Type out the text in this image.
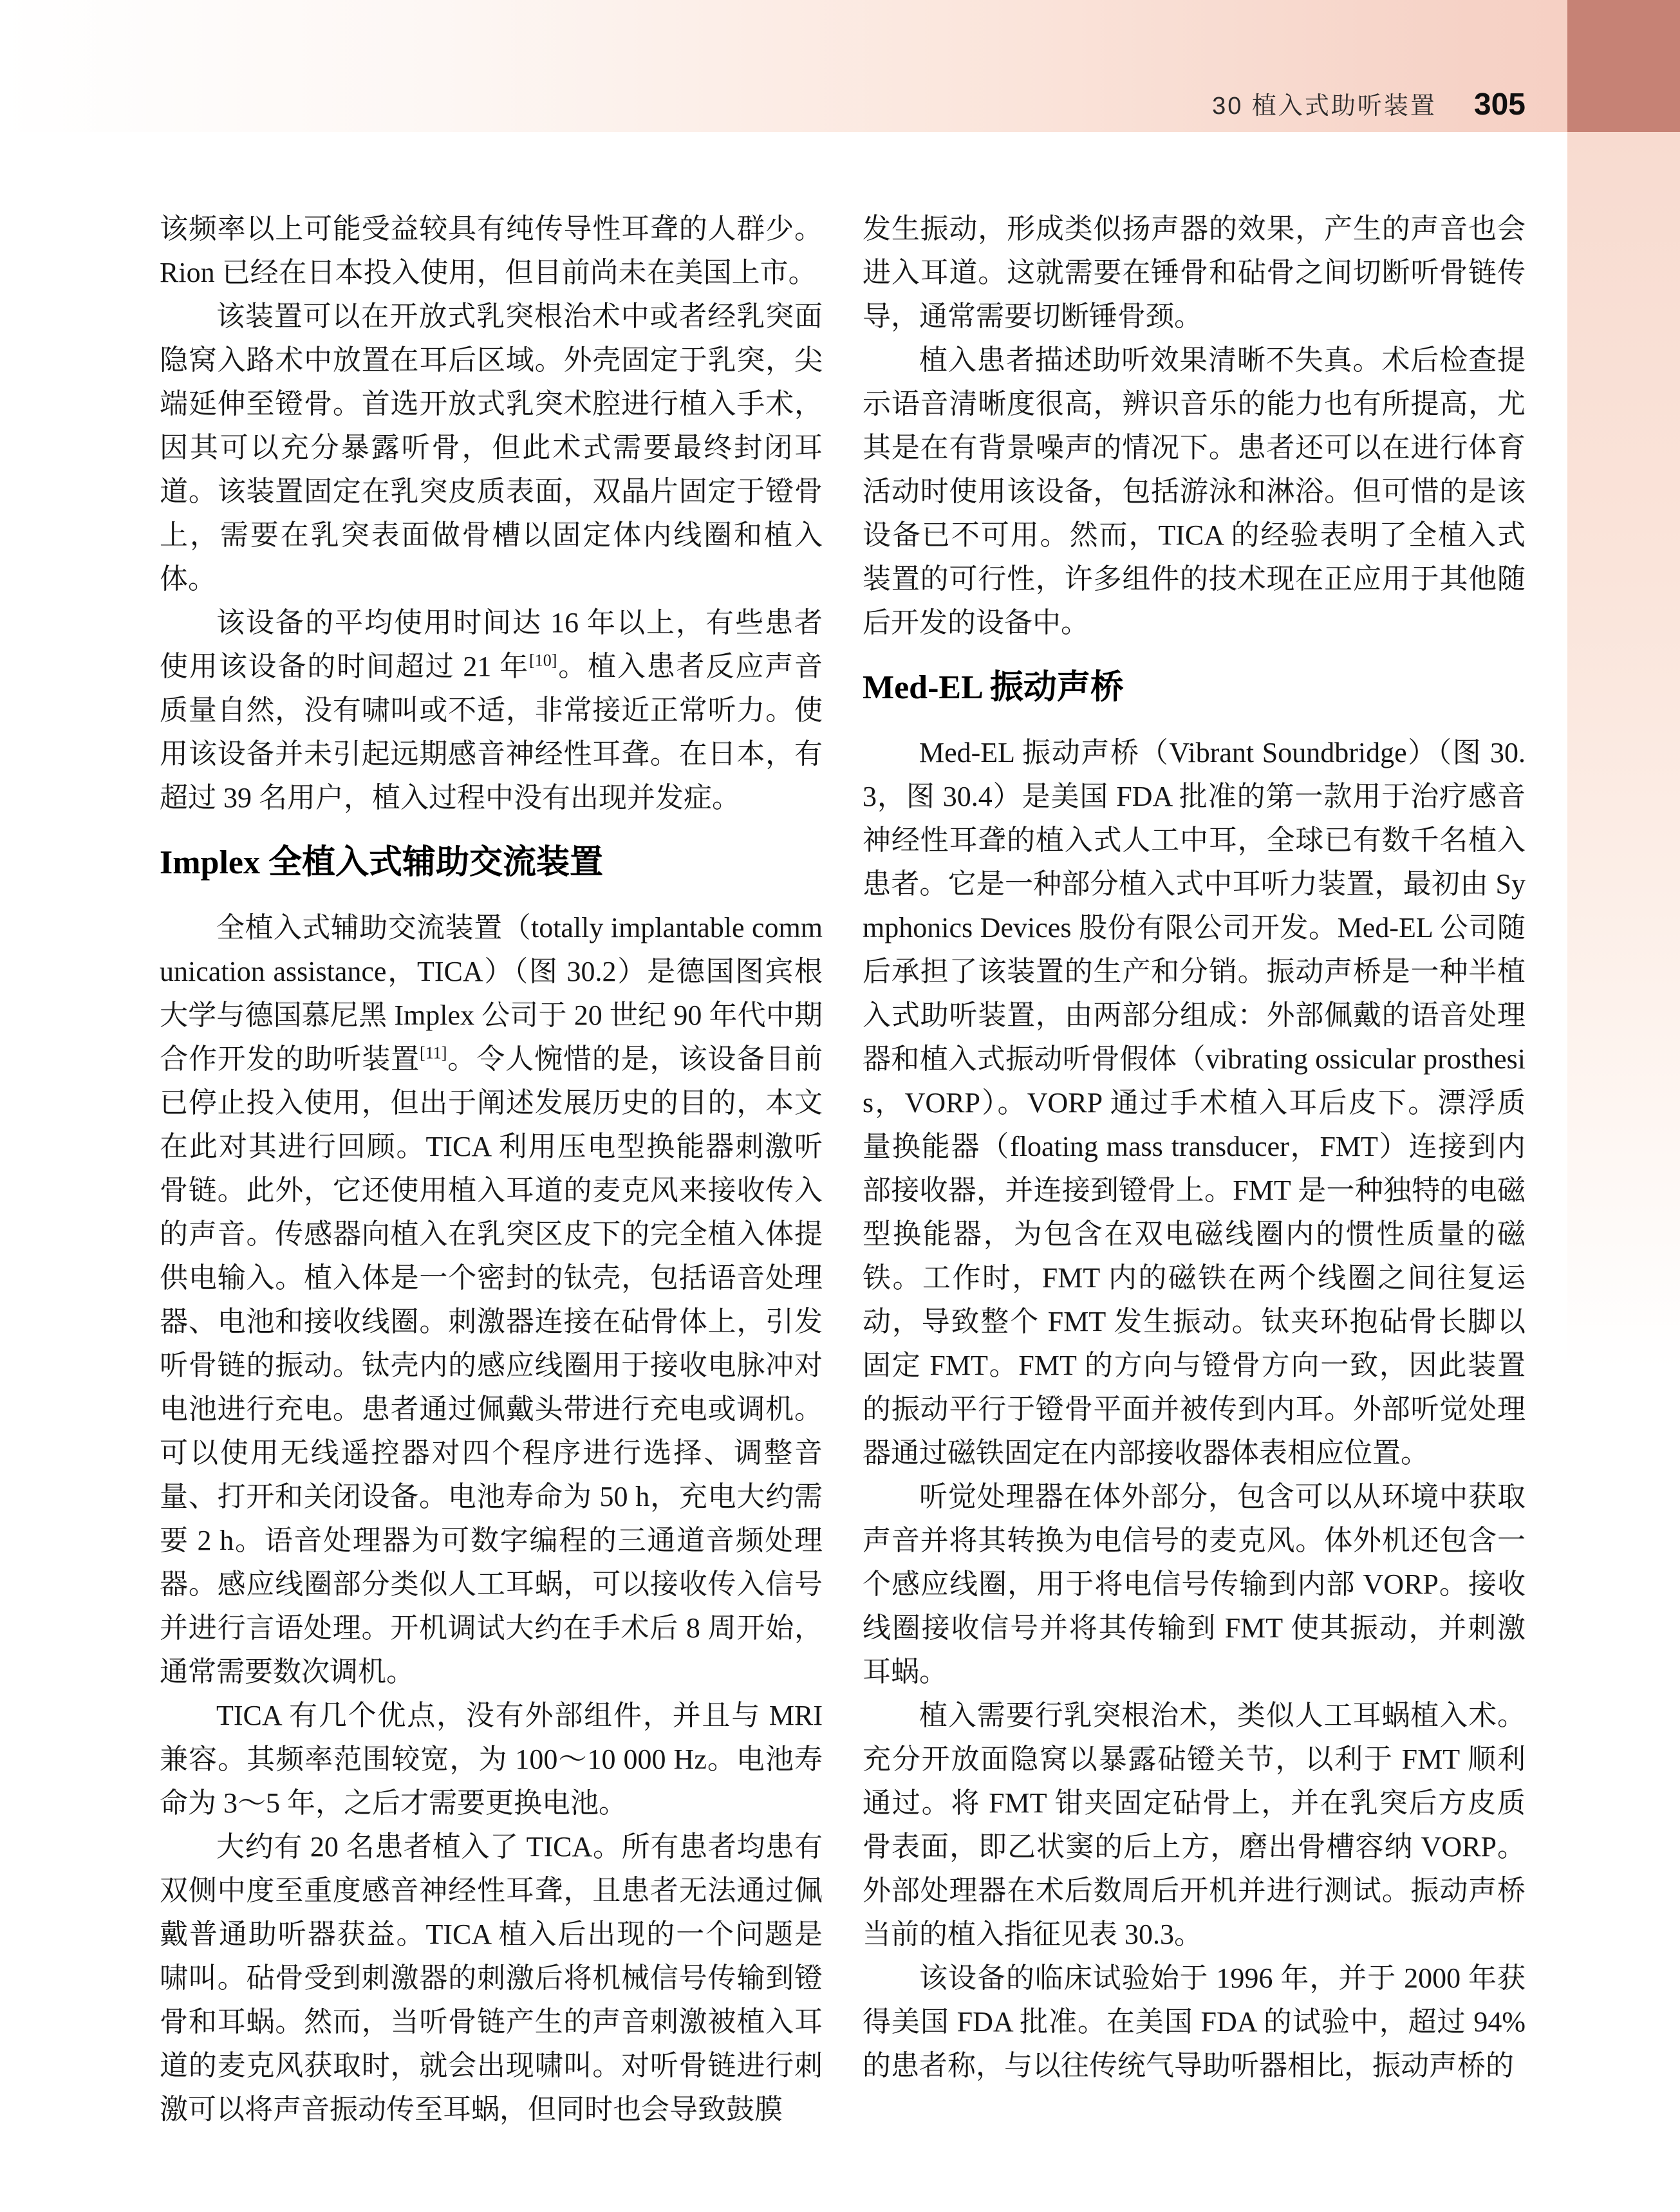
30 植入式助听装置 305

该频率以上可能受益较具有纯传导性耳聋的人群少。Rion 已经在日本投入使用，但目前尚未在美国上市。

该装置可以在开放式乳突根治术中或者经乳突面隐窝入路术中放置在耳后区域。外壳固定于乳突，尖端延伸至镫骨。首选开放式乳突术腔进行植入手术，因其可以充分暴露听骨，但此术式需要最终封闭耳道。该装置固定在乳突皮质表面，双晶片固定于镫骨上，需要在乳突表面做骨槽以固定体内线圈和植入体。

该设备的平均使用时间达 16 年以上，有些患者使用该设备的时间超过 21 年[10]。植入患者反应声音质量自然，没有啸叫或不适，非常接近正常听力。使用该设备并未引起远期感音神经性耳聋。在日本，有超过 39 名用户，植入过程中没有出现并发症。

Implex 全植入式辅助交流装置

全植入式辅助交流装置（totally implantable communication assistance，TICA）（图 30.2）是德国图宾根大学与德国慕尼黑 Implex 公司于 20 世纪 90 年代中期合作开发的助听装置[11]。令人惋惜的是，该设备目前已停止投入使用，但出于阐述发展历史的目的，本文在此对其进行回顾。TICA 利用压电型换能器刺激听骨链。此外，它还使用植入耳道的麦克风来接收传入的声音。传感器向植入在乳突区皮下的完全植入体提供电输入。植入体是一个密封的钛壳，包括语音处理器、电池和接收线圈。刺激器连接在砧骨体上，引发听骨链的振动。钛壳内的感应线圈用于接收电脉冲对电池进行充电。患者通过佩戴头带进行充电或调机。可以使用无线遥控器对四个程序进行选择、调整音量、打开和关闭设备。电池寿命为 50 h，充电大约需要 2 h。语音处理器为可数字编程的三通道音频处理器。感应线圈部分类似人工耳蜗，可以接收传入信号并进行言语处理。开机调试大约在手术后 8 周开始，通常需要数次调机。

TICA 有几个优点，没有外部组件，并且与 MRI 兼容。其频率范围较宽，为 100～10 000 Hz。电池寿命为 3～5 年，之后才需要更换电池。

大约有 20 名患者植入了 TICA。所有患者均患有双侧中度至重度感音神经性耳聋，且患者无法通过佩戴普通助听器获益。TICA 植入后出现的一个问题是啸叫。砧骨受到刺激器的刺激后将机械信号传输到镫骨和耳蜗。然而，当听骨链产生的声音刺激被植入耳道的麦克风获取时，就会出现啸叫。对听骨链进行刺激可以将声音振动传至耳蜗，但同时也会导致鼓膜

发生振动，形成类似扬声器的效果，产生的声音也会进入耳道。这就需要在锤骨和砧骨之间切断听骨链传导，通常需要切断锤骨颈。

植入患者描述助听效果清晰不失真。术后检查提示语音清晰度很高，辨识音乐的能力也有所提高，尤其是在有背景噪声的情况下。患者还可以在进行体育活动时使用该设备，包括游泳和淋浴。但可惜的是该设备已不可用。然而，TICA 的经验表明了全植入式装置的可行性，许多组件的技术现在正应用于其他随后开发的设备中。

Med-EL 振动声桥

Med-EL 振动声桥（Vibrant Soundbridge）（图 30.3，图 30.4）是美国 FDA 批准的第一款用于治疗感音神经性耳聋的植入式人工中耳，全球已有数千名植入患者。它是一种部分植入式中耳听力装置，最初由 Symphonics Devices 股份有限公司开发。Med-EL 公司随后承担了该装置的生产和分销。振动声桥是一种半植入式助听装置，由两部分组成：外部佩戴的语音处理器和植入式振动听骨假体（vibrating ossicular prosthesis，VORP）。VORP 通过手术植入耳后皮下。漂浮质量换能器（floating mass transducer，FMT）连接到内部接收器，并连接到镫骨上。FMT 是一种独特的电磁型换能器，为包含在双电磁线圈内的惯性质量的磁铁。工作时，FMT 内的磁铁在两个线圈之间往复运动，导致整个 FMT 发生振动。钛夹环抱砧骨长脚以固定 FMT。FMT 的方向与镫骨方向一致，因此装置的振动平行于镫骨平面并被传到内耳。外部听觉处理器通过磁铁固定在内部接收器体表相应位置。

听觉处理器在体外部分，包含可以从环境中获取声音并将其转换为电信号的麦克风。体外机还包含一个感应线圈，用于将电信号传输到内部 VORP。接收线圈接收信号并将其传输到 FMT 使其振动，并刺激耳蜗。

植入需要行乳突根治术，类似人工耳蜗植入术。充分开放面隐窝以暴露砧镫关节，以利于 FMT 顺利通过。将 FMT 钳夹固定砧骨上，并在乳突后方皮质骨表面，即乙状窦的后上方，磨出骨槽容纳 VORP。外部处理器在术后数周后开机并进行测试。振动声桥当前的植入指征见表 30.3。

该设备的临床试验始于 1996 年，并于 2000 年获得美国 FDA 批准。在美国 FDA 的试验中，超过 94% 的患者称，与以往传统气导助听器相比，振动声桥的
